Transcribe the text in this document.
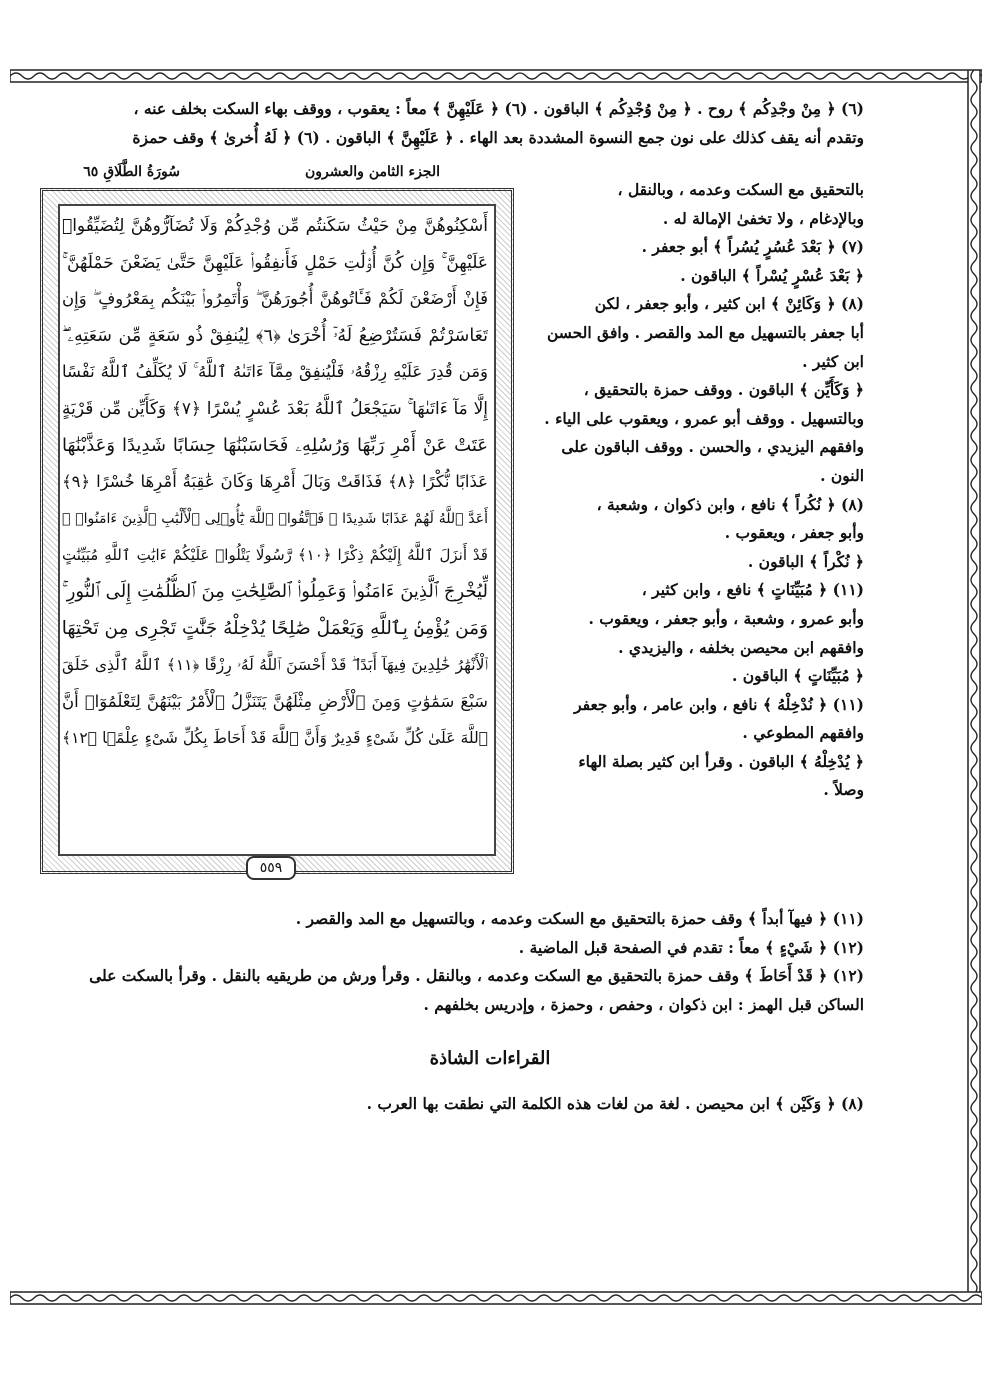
(٦) ﴿ مِنْ وجْدِكُم ﴾ روح . ﴿ مِنْ وُجْدِكُم ﴾ الباقون . (٦) ﴿ عَلَيْهِنَّ ﴾ معاً : يعقوب ، ووقف بهاء السكت بخلف عنه ،
وتقدم أنه يقف كذلك على نون جمع النسوة المشددة بعد الهاء . ﴿ عَلَيْهِنَّ ﴾ الباقون . (٦) ﴿ لَهُ أُخرىٰ ﴾ وقف حمزة
بالتحقيق مع السكت وعدمه ، وبالنقل ،
وبالإدغام ، ولا تخفىٰ الإمالة له .
(٧) ﴿ بَعْدَ عُسُرٍ يُسُراً ﴾ أبو جعفر .
﴿ بَعْدَ عُسْرٍ يُسْراً ﴾ الباقون .
(٨) ﴿ وَكَائِنْ ﴾ ابن كثير ، وأبو جعفر ، لكن
أبا جعفر بالتسهيل مع المد والقصر . وافق الحسن
ابن كثير .
﴿ وَكَأَيِّن ﴾ الباقون . ووقف حمزة بالتحقيق ،
وبالتسهيل . ووقف أبو عمرو ، ويعقوب على الياء .
وافقهم اليزيدي ، والحسن . ووقف الباقون على
النون .
(٨) ﴿ نُكُراً ﴾ نافع ، وابن ذكوان ، وشعبة ،
وأبو جعفر ، ويعقوب .
﴿ نُكْراً ﴾ الباقون .
(١١) ﴿ مُبَيِّنَاتٍ ﴾ نافع ، وابن كثير ،
وأبو عمرو ، وشعبة ، وأبو جعفر ، ويعقوب .
وافقهم ابن محيصن بخلفه ، واليزيدي .
﴿ مُبَيِّنَاتٍ ﴾ الباقون .
(١١) ﴿ نُدْخِلْهُ ﴾ نافع ، وابن عامر ، وأبو جعفر
وافقهم المطوعي .
﴿ يُدْخِلْهُ ﴾ الباقون . وقرأ ابن كثير بصلة الهاء
وصلاً .
سُورَةُ الطَّلَاقِ ٦٥	الجزء الثامن والعشرون
أَسْكِنُوهُنَّ مِنْ حَيْثُ سَكَنتُم مِّن وُجْدِكُمْ وَلَا تُضَآرُّوهُنَّ لِتُضَيِّقُوا۟
عَلَيْهِنَّ ۚ وَإِن كُنَّ أُو۟لَٰتِ حَمْلٍ فَأَنفِقُوا۟ عَلَيْهِنَّ حَتَّىٰ يَضَعْنَ حَمْلَهُنَّ ۚ
فَإِنْ أَرْضَعْنَ لَكُمْ فَـَٔاتُوهُنَّ أُجُورَهُنَّ ۖ وَأْتَمِرُوا۟ بَيْنَكُم بِمَعْرُوفٍ ۖ وَإِن
تَعَاسَرْتُمْ فَسَتُرْضِعُ لَهُۥٓ أُخْرَىٰ ﴿٦﴾ لِيُنفِقْ ذُو سَعَةٍ مِّن سَعَتِهِۦ ۖ
وَمَن قُدِرَ عَلَيْهِ رِزْقُهُۥ فَلْيُنفِقْ مِمَّآ ءَاتَىٰهُ ٱللَّهُ ۚ لَا يُكَلِّفُ ٱللَّهُ نَفْسًا
إِلَّا مَآ ءَاتَىٰهَا ۚ سَيَجْعَلُ ٱللَّهُ بَعْدَ عُسْرٍ يُسْرًا ﴿٧﴾ وَكَأَيِّن مِّن قَرْيَةٍ
عَتَتْ عَنْ أَمْرِ رَبِّهَا وَرُسُلِهِۦ فَحَاسَبْنَٰهَا حِسَابًا شَدِيدًا وَعَذَّبْنَٰهَا
عَذَابًا نُّكْرًا ﴿٨﴾ فَذَاقَتْ وَبَالَ أَمْرِهَا وَكَانَ عَٰقِبَةُ أَمْرِهَا خُسْرًا ﴿٩﴾
أَعَدَّ ٱللَّهُ لَهُمْ عَذَابًا شَدِيدًا ۖ فَٱتَّقُوا۟ ٱللَّهَ يَٰٓأُو۟لِى ٱلْأَلْبَٰبِ ٱلَّذِينَ ءَامَنُوا۟ ۚ
قَدْ أَنزَلَ ٱللَّهُ إِلَيْكُمْ ذِكْرًا ﴿١٠﴾ رَّسُولًا يَتْلُوا۟ عَلَيْكُمْ ءَايَٰتِ ٱللَّهِ مُبَيِّنَٰتٍ
لِّيُخْرِجَ ٱلَّذِينَ ءَامَنُوا۟ وَعَمِلُوا۟ ٱلصَّٰلِحَٰتِ مِنَ ٱلظُّلُمَٰتِ إِلَى ٱلنُّورِ ۚ
وَمَن يُؤْمِنۢ بِٱللَّهِ وَيَعْمَلْ صَٰلِحًا يُدْخِلْهُ جَنَّٰتٍ تَجْرِى مِن تَحْتِهَا
ٱلْأَنْهَٰرُ خَٰلِدِينَ فِيهَآ أَبَدًا ۖ قَدْ أَحْسَنَ ٱللَّهُ لَهُۥ رِزْقًا ﴿١١﴾ ٱللَّهُ ٱلَّذِى خَلَقَ
سَبْعَ سَمَٰوَٰتٍ وَمِنَ ٱلْأَرْضِ مِثْلَهُنَّ يَتَنَزَّلُ ٱلْأَمْرُ بَيْنَهُنَّ لِتَعْلَمُوٓا۟ أَنَّ
ٱللَّهَ عَلَىٰ كُلِّ شَىْءٍ قَدِيرٌ وَأَنَّ ٱللَّهَ قَدْ أَحَاطَ بِكُلِّ شَىْءٍ عِلْمًۢا ﴿١٢﴾
٥٥٩
(١١) ﴿ فيهآ أبداً ﴾ وقف حمزة بالتحقيق مع السكت وعدمه ، وبالتسهيل مع المد والقصر .
(١٢) ﴿ شَيْءٍ ﴾ معاً : تقدم في الصفحة قبل الماضية .
(١٢) ﴿ قَدْ أَحَاطَ ﴾ وقف حمزة بالتحقيق مع السكت وعدمه ، وبالنقل . وقرأ ورش من طريقيه بالنقل . وقرأ بالسكت على
الساكن قبل الهمز : ابن ذكوان ، وحفص ، وحمزة ، وإدريس بخلفهم .
القراءات الشاذة
(٨) ﴿ وَكَيْن ﴾ ابن محيصن . لغة من لغات هذه الكلمة التي نطقت بها العرب .
